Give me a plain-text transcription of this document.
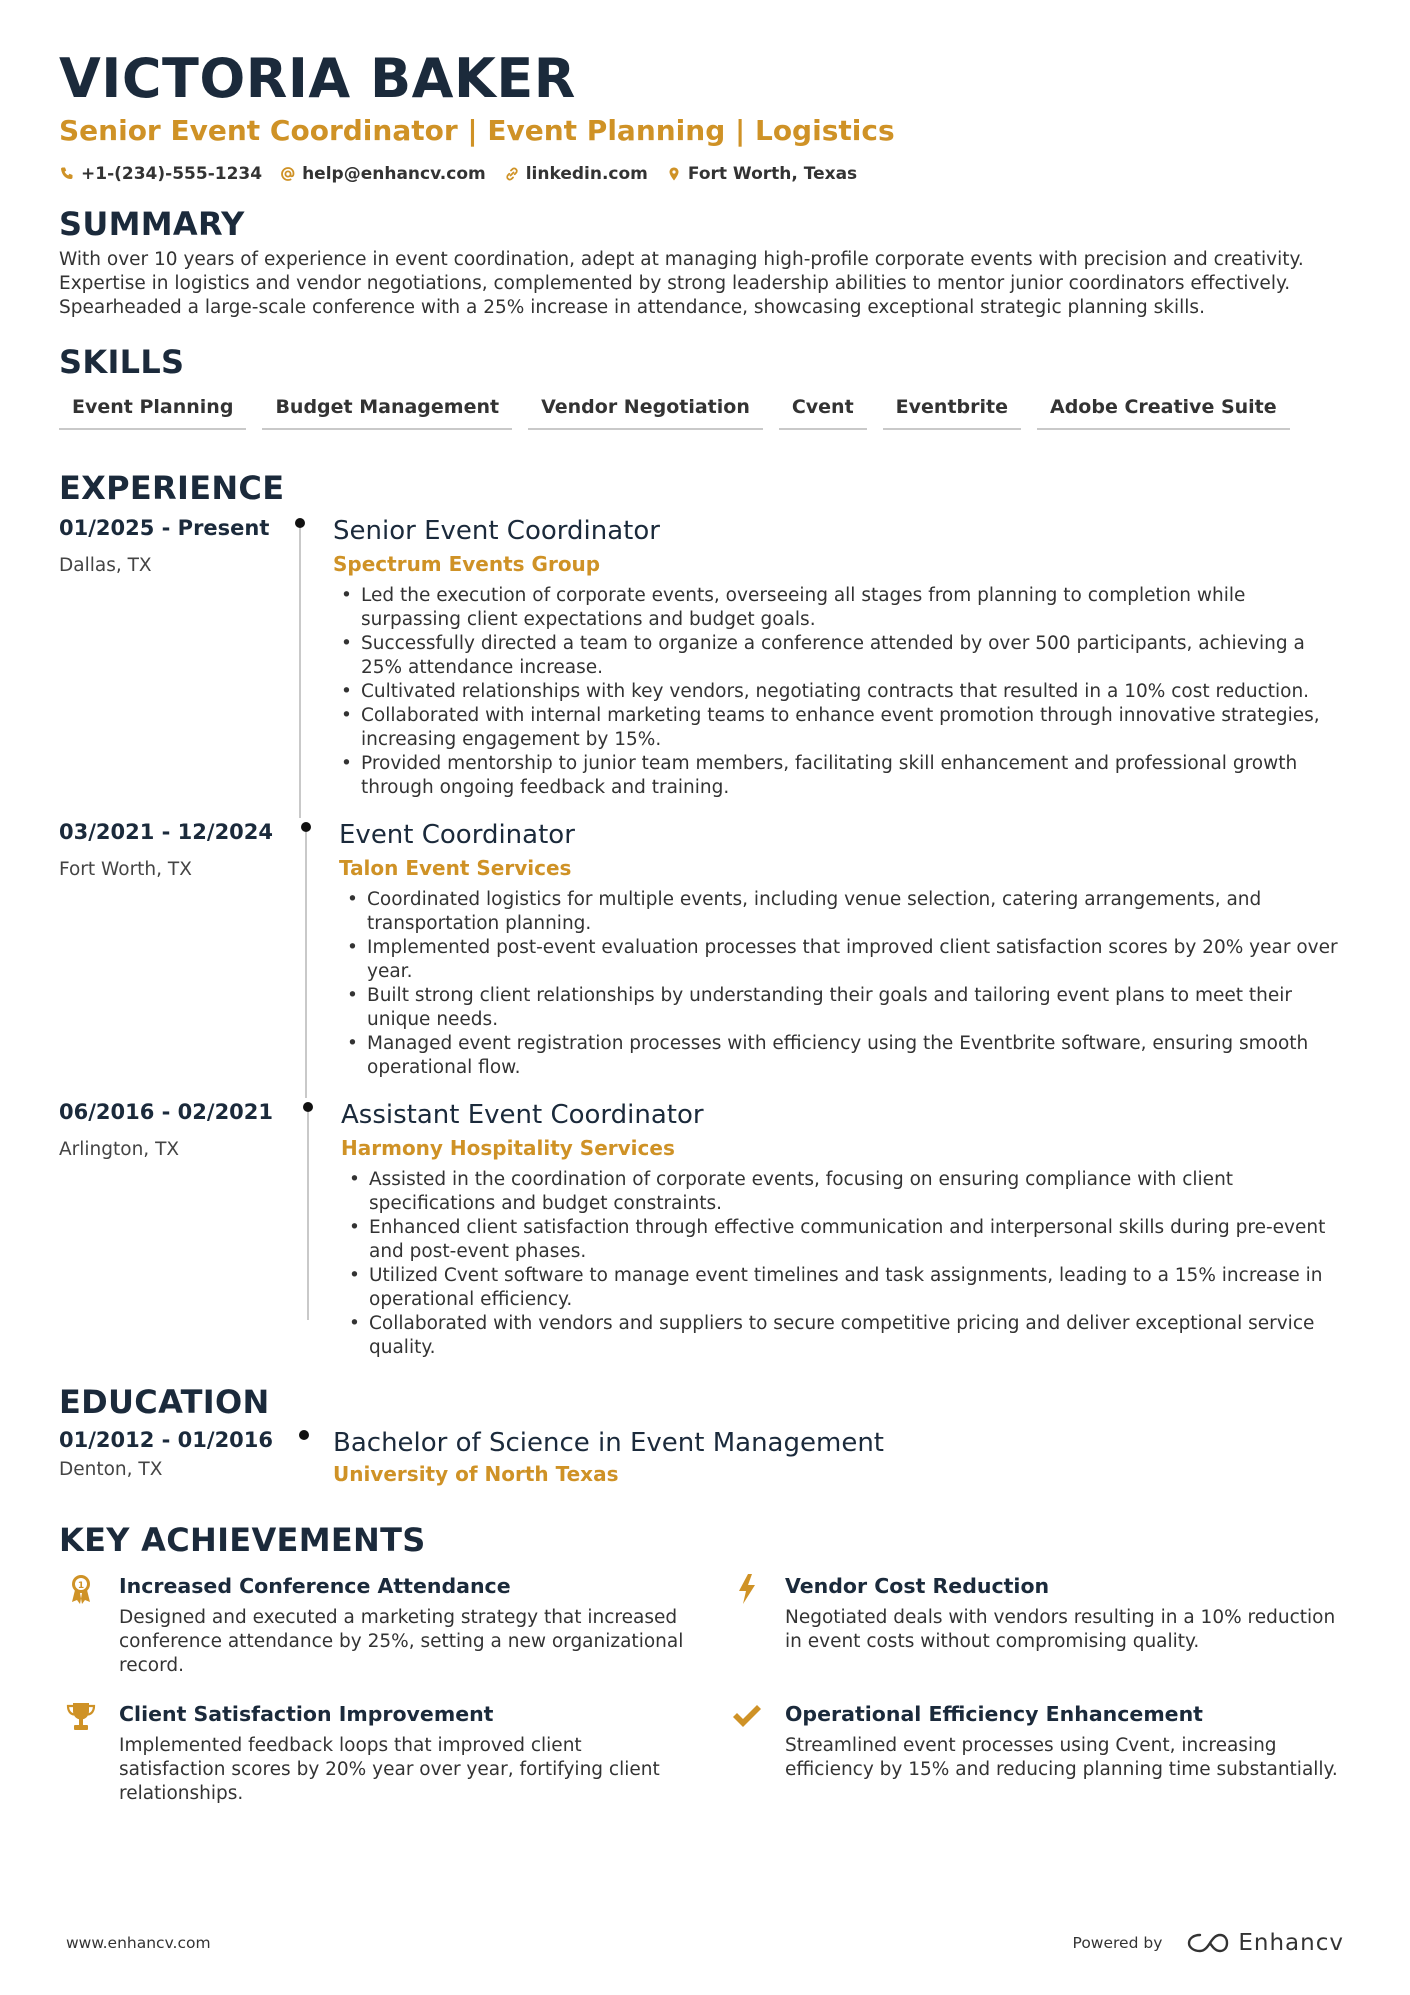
VICTORIA BAKER
Senior Event Coordinator | Event Planning | Logistics
+1-(234)-555-1234 help@enhancv.com linkedin.com Fort Worth, Texas
SUMMARY
With over 10 years of experience in event coordination, adept at managing high-profile corporate events with precision and creativity. Expertise in logistics and vendor negotiations, complemented by strong leadership abilities to mentor junior coordinators effectively. Spearheaded a large-scale conference with a 25% increase in attendance, showcasing exceptional strategic planning skills.
SKILLS
Event Planning	Budget Management	Vendor Negotiation	Cvent	Eventbrite	Adobe Creative Suite
EXPERIENCE
01/2025 - Present
Dallas, TX
Senior Event Coordinator
Spectrum Events Group
• Led the execution of corporate events, overseeing all stages from planning to completion while surpassing client expectations and budget goals.
• Successfully directed a team to organize a conference attended by over 500 participants, achieving a 25% attendance increase.
• Cultivated relationships with key vendors, negotiating contracts that resulted in a 10% cost reduction.
• Collaborated with internal marketing teams to enhance event promotion through innovative strategies, increasing engagement by 15%.
• Provided mentorship to junior team members, facilitating skill enhancement and professional growth through ongoing feedback and training.
03/2021 - 12/2024
Fort Worth, TX
Event Coordinator
Talon Event Services
• Coordinated logistics for multiple events, including venue selection, catering arrangements, and transportation planning.
• Implemented post-event evaluation processes that improved client satisfaction scores by 20% year over year.
• Built strong client relationships by understanding their goals and tailoring event plans to meet their unique needs.
• Managed event registration processes with efficiency using the Eventbrite software, ensuring smooth operational flow.
06/2016 - 02/2021
Arlington, TX
Assistant Event Coordinator
Harmony Hospitality Services
• Assisted in the coordination of corporate events, focusing on ensuring compliance with client specifications and budget constraints.
• Enhanced client satisfaction through effective communication and interpersonal skills during pre-event and post-event phases.
• Utilized Cvent software to manage event timelines and task assignments, leading to a 15% increase in operational efficiency.
• Collaborated with vendors and suppliers to secure competitive pricing and deliver exceptional service quality.
EDUCATION
01/2012 - 01/2016
Denton, TX
Bachelor of Science in Event Management
University of North Texas
KEY ACHIEVEMENTS
1 Increased Conference Attendance
Designed and executed a marketing strategy that increased conference attendance by 25%, setting a new organizational record.
Vendor Cost Reduction
Negotiated deals with vendors resulting in a 10% reduction in event costs without compromising quality.
Client Satisfaction Improvement
Implemented feedback loops that improved client satisfaction scores by 20% year over year, fortifying client relationships.
Operational Efficiency Enhancement
Streamlined event processes using Cvent, increasing efficiency by 15% and reducing planning time substantially.
www.enhancv.com	Powered by	Enhancv
